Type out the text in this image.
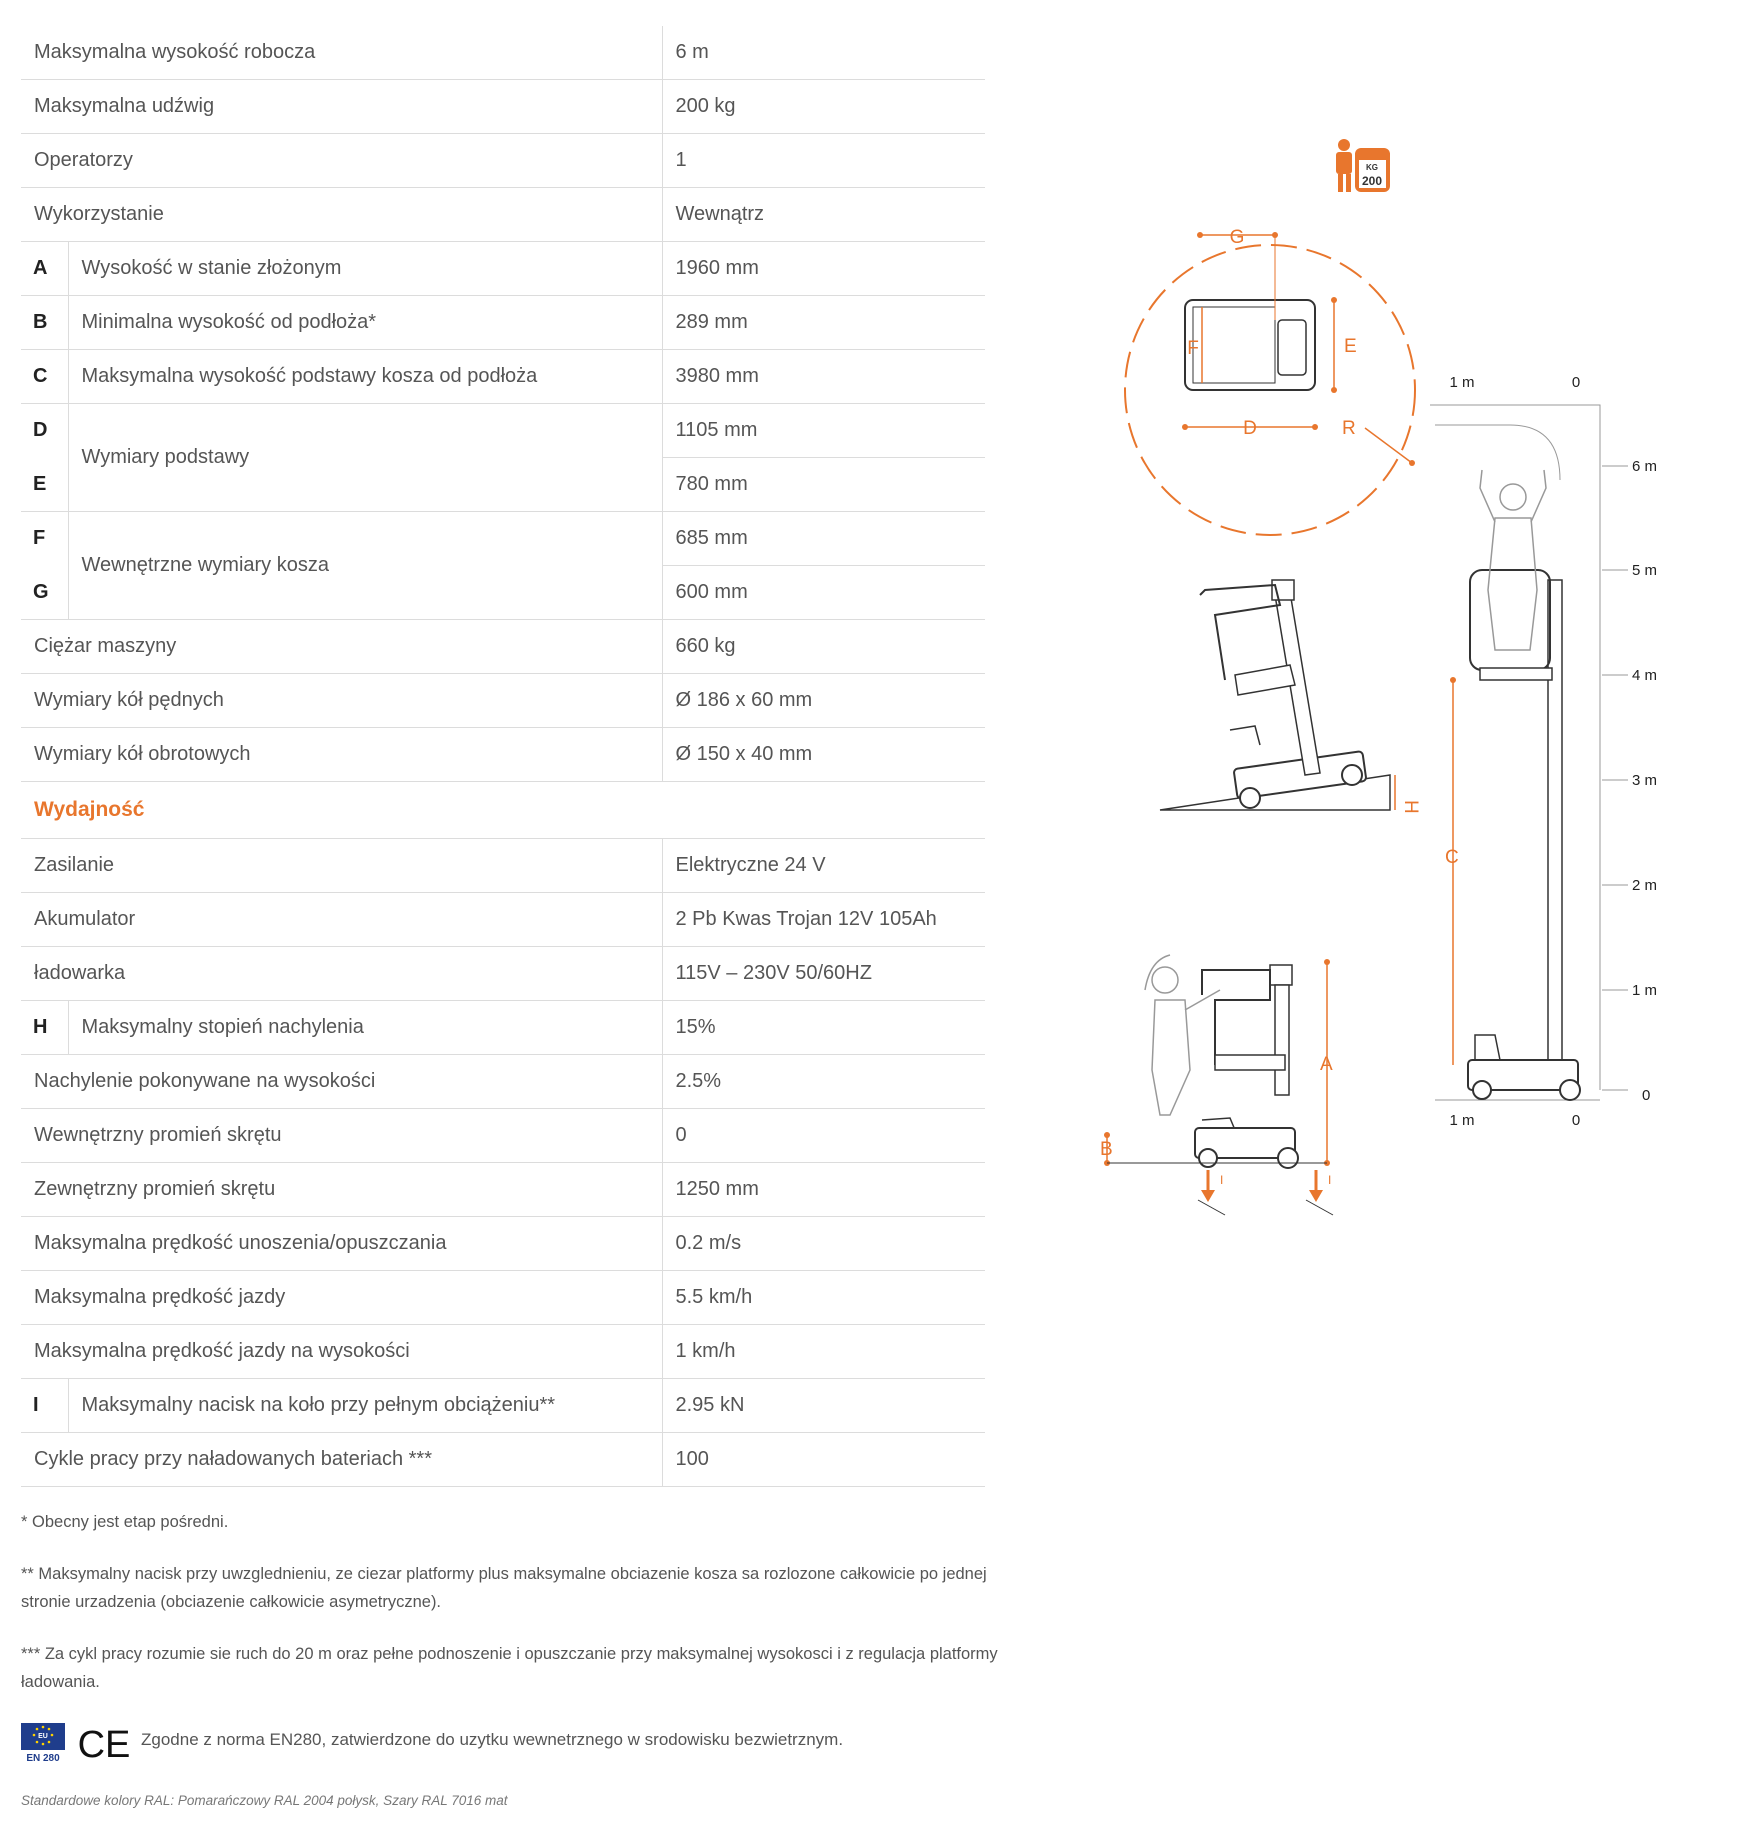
Maksymalna wysokość robocza		6 m
Maksymalna udźwig		200 kg
Operatorzy		1
Wykorzystanie		Wewnątrz
A	Wysokość w stanie złożonym	1960 mm
B	Minimalna wysokość od podłoża*	289 mm
C	Maksymalna wysokość podstawy kosza od podłoża	3980 mm
D	Wymiary podstawy	1105 mm
E		780 mm
F	Wewnętrzne wymiary kosza	685 mm
G		600 mm
Ciężar maszyny		660 kg
Wymiary kół pędnych		Ø 186 x 60 mm
Wymiary kół obrotowych		Ø 150 x 40 mm
Wydajność		
Zasilanie		Elektryczne 24 V
Akumulator		2 Pb Kwas Trojan 12V 105Ah
ładowarka		115V – 230V 50/60HZ
H	Maksymalny stopień nachylenia	15%
Nachylenie pokonywane na wysokości		2.5%
Wewnętrzny promień skrętu		0
Zewnętrzny promień skrętu		1250 mm
Maksymalna prędkość unoszenia/opuszczania		0.2 m/s
Maksymalna prędkość jazdy		5.5 km/h
Maksymalna prędkość jazdy na wysokości		1 km/h
I	Maksymalny nacisk na koło przy pełnym obciążeniu**	2.95 kN
Cykle pracy przy naładowanych bateriach ***		100

* Obecny jest etap pośredni.

** Maksymalny nacisk przy uwzglednieniu, ze ciezar platformy plus maksymalne obciazenie kosza sa rozlozone całkowicie po jednej stronie urzadzenia (obciazenie całkowicie asymetryczne).

*** Za cykl pracy rozumie sie ruch do 20 m oraz pełne podnoszenie i opuszczanie przy maksymalnej wysokosci i z regulacja platformy ładowania.

EU
EN 280 CE Zgodne z norma EN280, zatwierdzone do uzytku wewnetrznego w srodowisku bezwietrznym.
Standardowe kolory RAL: Pomarańczowy RAL 2004 połysk, Szary RAL 7016 mat
KG
200
G
F	E
D	R
1 m	0
6 m
5 m
4 m
3 m
2 m
1 m
0
1 m	0
C
H
A
B
I	I
